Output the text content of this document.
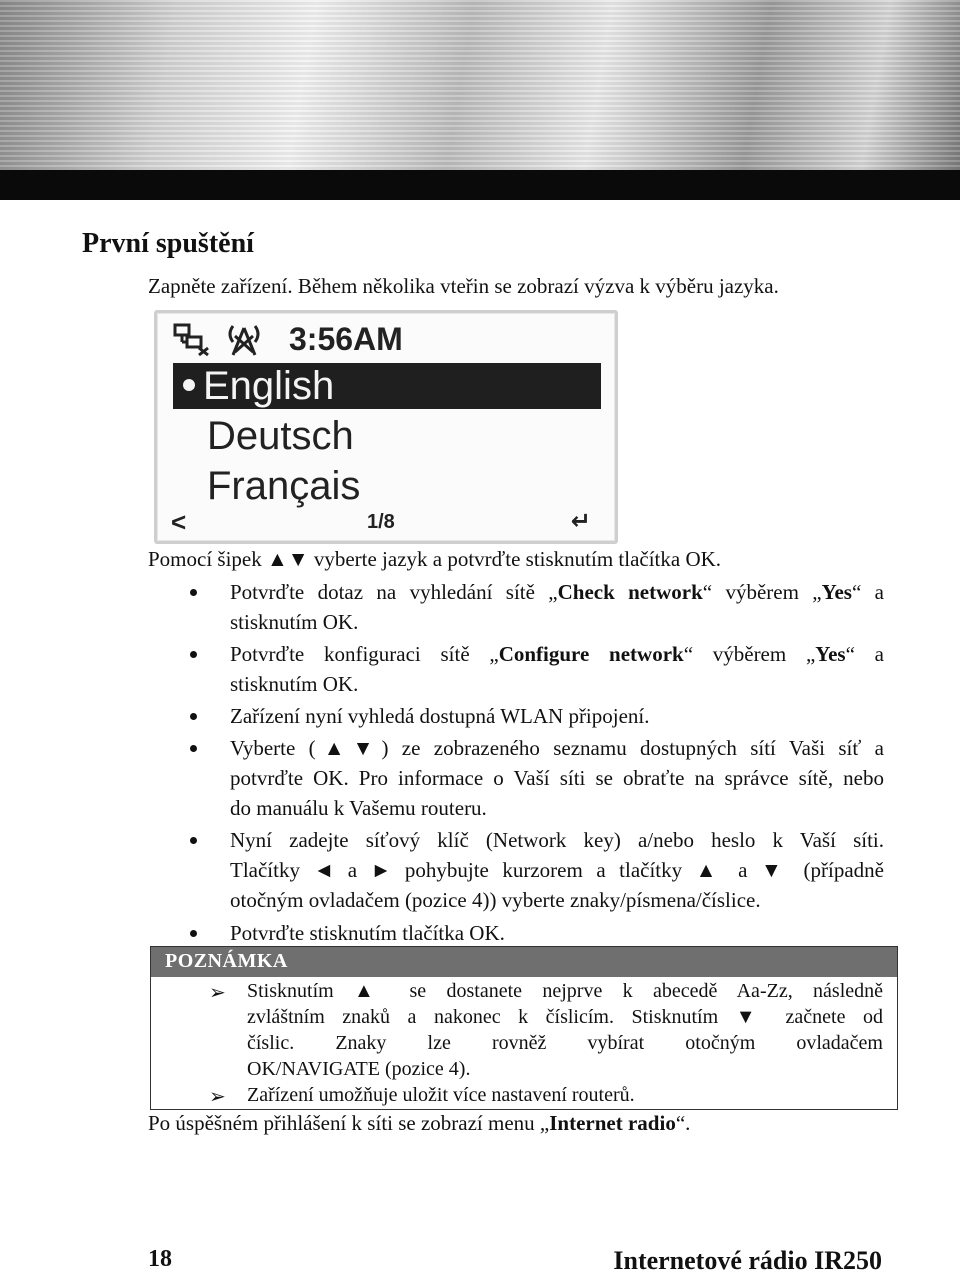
První spuštění

Zapněte zařízení. Během několika vteřin se zobrazí výzva k výběru jazyka.

3:56AM
English
Deutsch
Français
<	1/8	↵

Pomocí šipek ▲▼ vyberte jazyk a potvrďte stisknutím tlačítka OK.

Potvrďte dotaz na vyhledání sítě „Check network“ výběrem „Yes“ a

stisknutím OK.

Potvrďte konfiguraci sítě „Configure network“ výběrem „Yes“ a

stisknutím OK.

Zařízení nyní vyhledá dostupná WLAN připojení.

Vyberte (▲▼) ze zobrazeného seznamu dostupných sítí Vaši síť a

potvrďte OK. Pro informace o Vaší síti se obraťte na správce sítě, nebo

do manuálu k Vašemu routeru.

Nyní zadejte síťový klíč (Network key) a/nebo heslo k Vaší síti.

Tlačítky ◄ a ► pohybujte kurzorem a tlačítky ▲ a ▼ (případně

otočným ovladačem (pozice 4)) vyberte znaky/písmena/číslice.

Potvrďte stisknutím tlačítka OK.

POZNÁMKA
➢ Stisknutím ▲ se dostanete nejprve k abecedě Aa-Zz, následně

zvláštním znaků a nakonec k číslicím. Stisknutím ▼ začnete od

číslic. Znaky lze rovněž vybírat otočným ovladačem

OK/NAVIGATE (pozice 4).

➢ Zařízení umožňuje uložit více nastavení routerů.

Po úspěšném přihlášení k síti se zobrazí menu „Internet radio“.

18	Internetové rádio IR250
